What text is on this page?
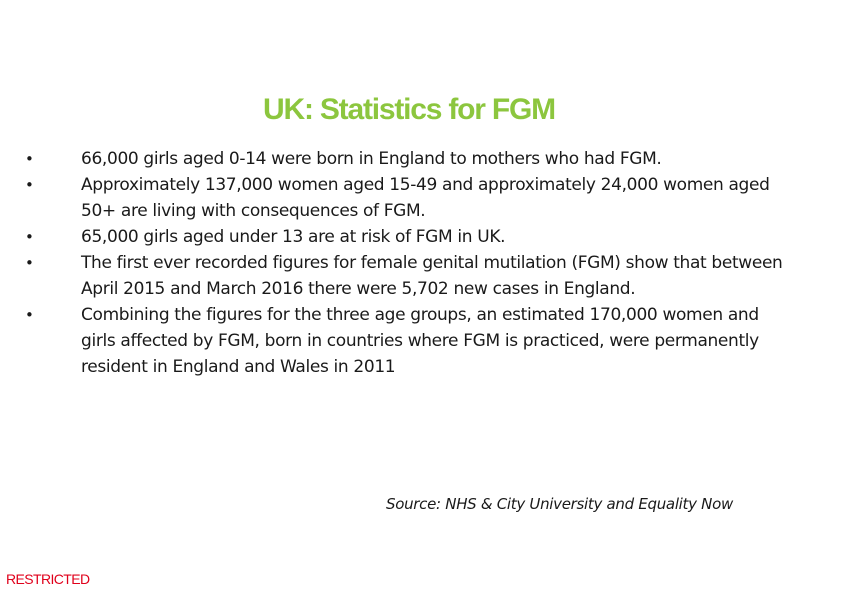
UK: Statistics for FGM
•	66,000 girls aged 0-14 were born in England to mothers who had FGM.
•	Approximately 137,000 women aged 15-49 and approximately 24,000 women aged 50+ are living with consequences of FGM.
•	65,000 girls aged under 13 are at risk of FGM in UK.
•	The first ever recorded figures for female genital mutilation (FGM) show that between April 2015 and March 2016 there were 5,702 new cases in England.
•	Combining the figures for the three age groups, an estimated 170,000 women and girls affected by FGM, born in countries where FGM is practiced, were permanently resident in England and Wales in 2011
Source: NHS & City University and Equality Now
RESTRICTED
